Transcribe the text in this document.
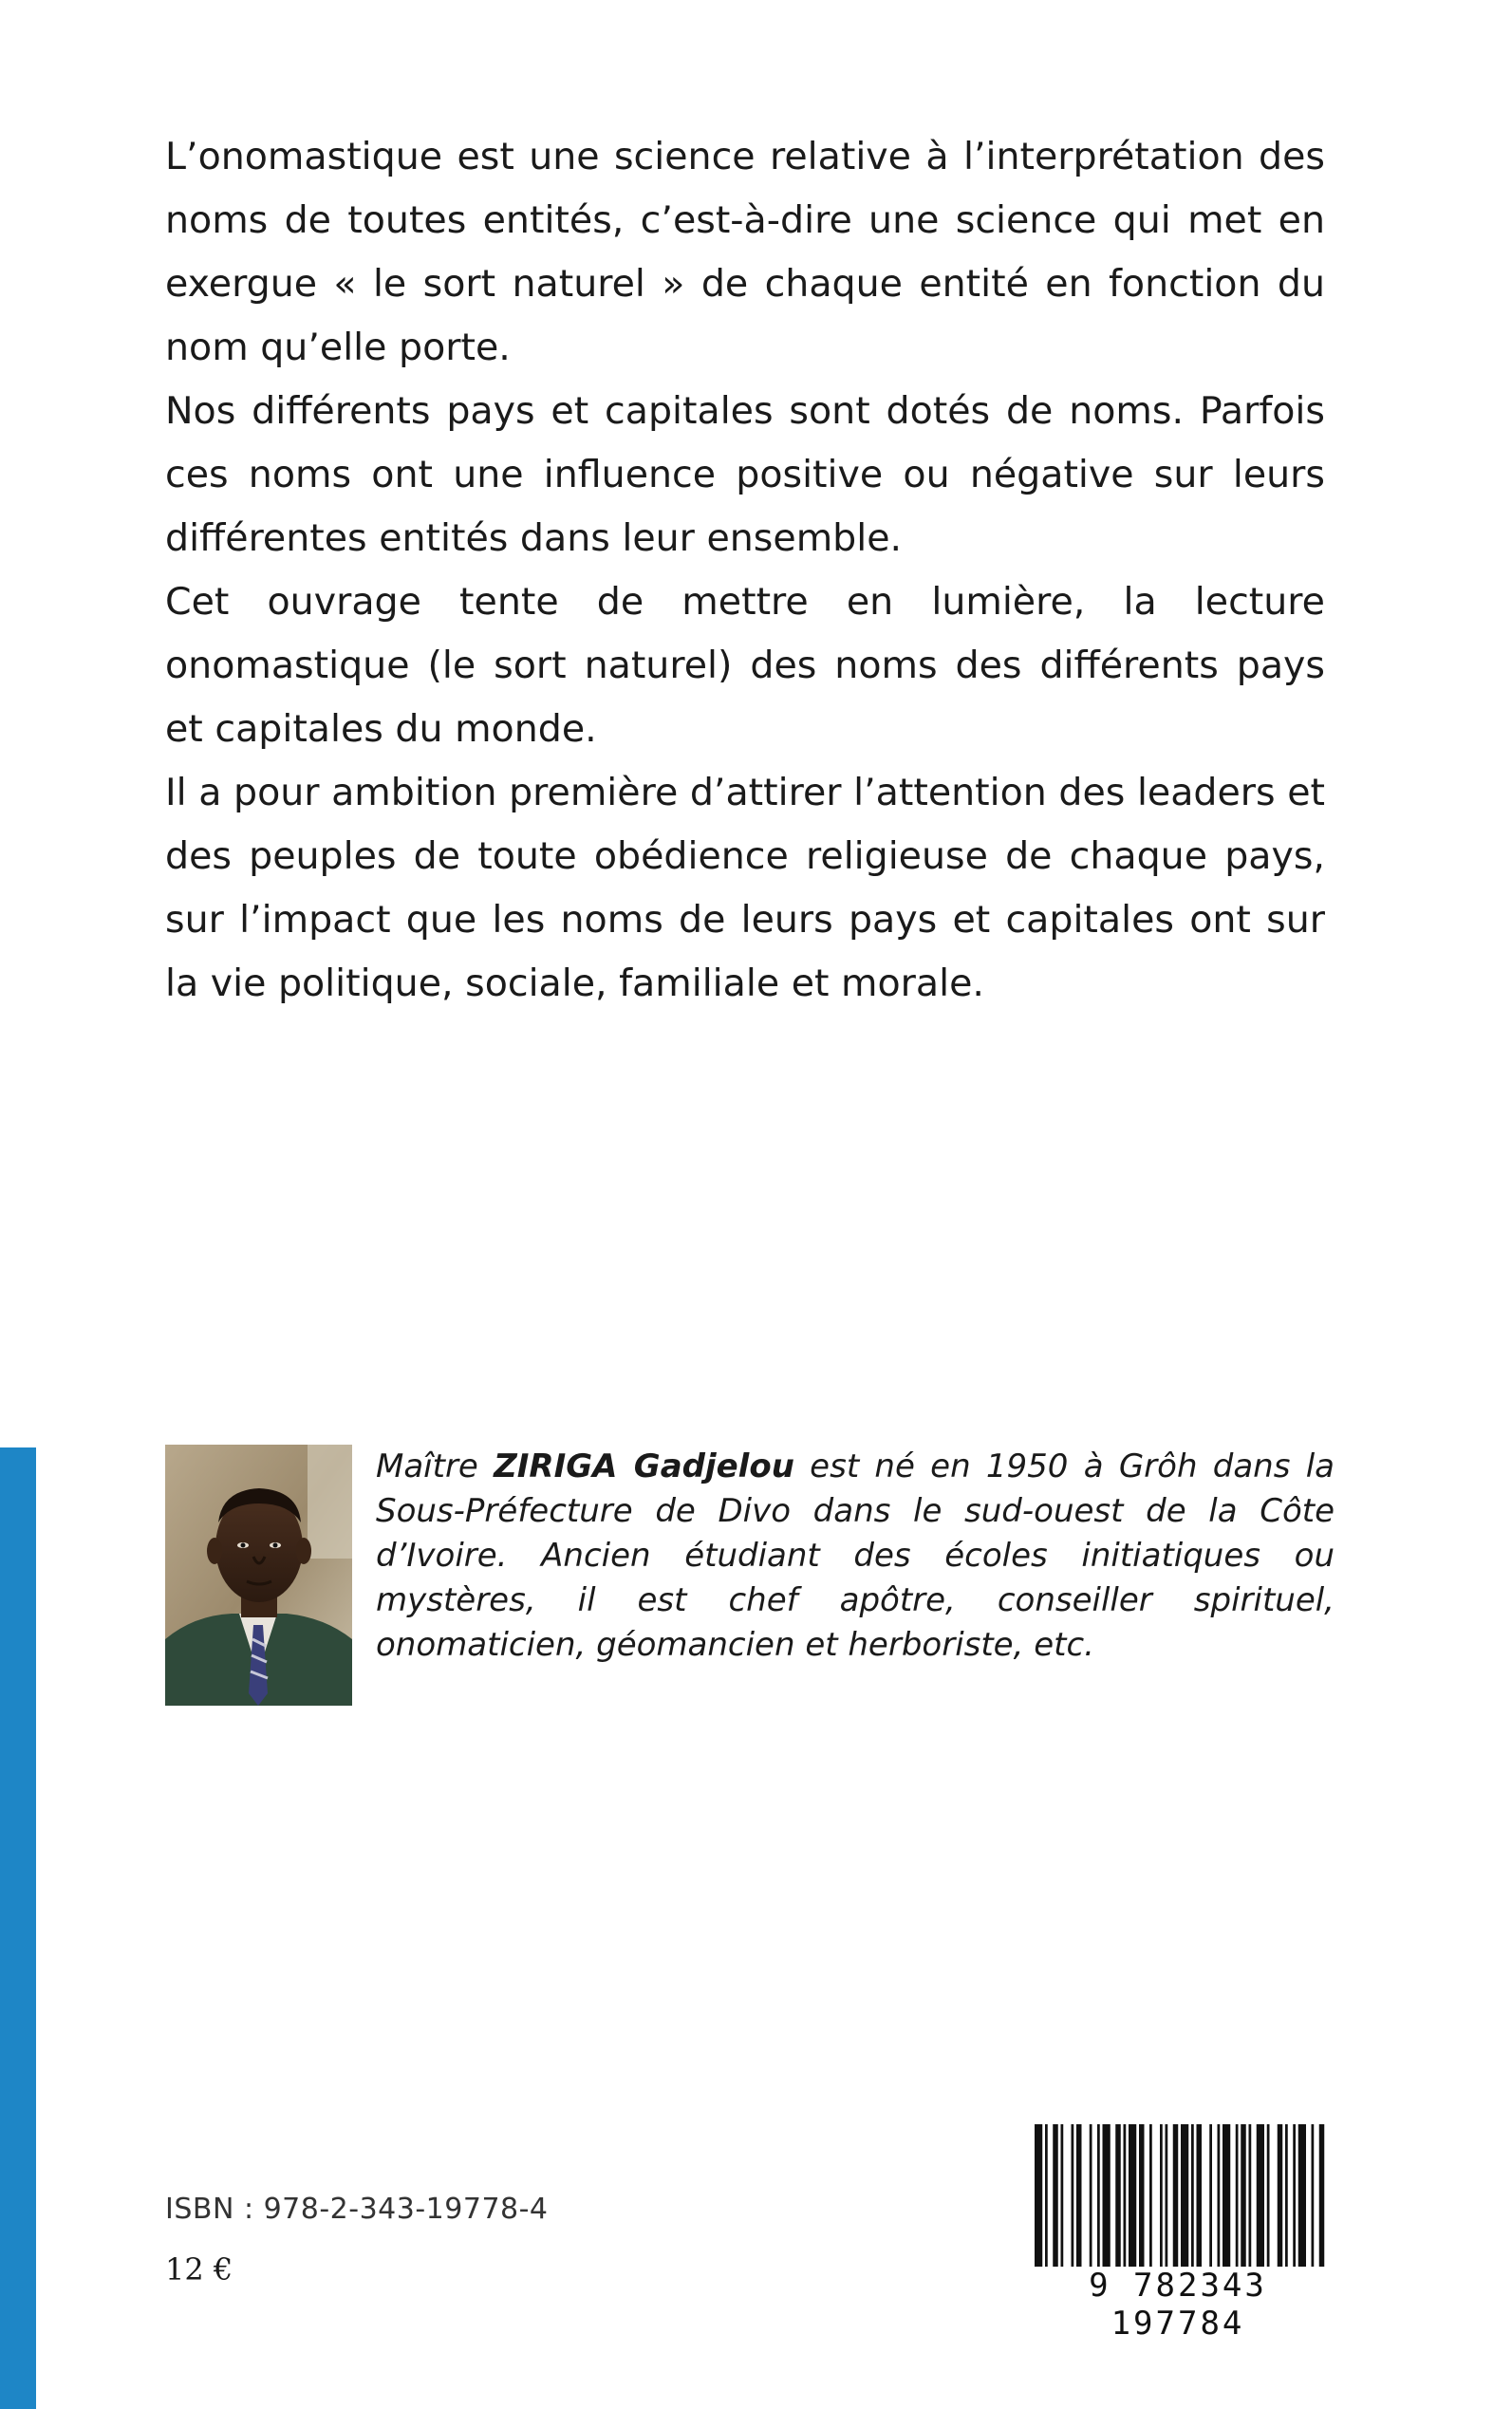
L’onomastique est une science relative à l’interprétation des noms de toutes entités, c’est-à-dire une science qui met en exergue « le sort naturel » de chaque entité en fonction du nom qu’elle porte.

Nos différents pays et capitales sont dotés de noms. Parfois ces noms ont une influence positive ou négative sur leurs différentes entités dans leur ensemble.

Cet ouvrage tente de mettre en lumière, la lecture onomastique (le sort naturel) des noms des différents pays et capitales du monde.

Il a pour ambition première d’attirer l’attention des leaders et des peuples de toute obédience religieuse de chaque pays, sur l’impact que les noms de leurs pays et capitales ont sur la vie politique, sociale, familiale et morale.

Maître ZIRIGA Gadjelou est né en 1950 à Grôh dans la Sous-Préfecture de Divo dans le sud-ouest de la Côte d’Ivoire. Ancien étudiant des écoles initiatiques ou mystères, il est chef apôtre, conseiller spirituel, onomaticien, géomancien et herboriste, etc.
ISBN : 978-2-343-19778-4
12 €	9 782343 197784
